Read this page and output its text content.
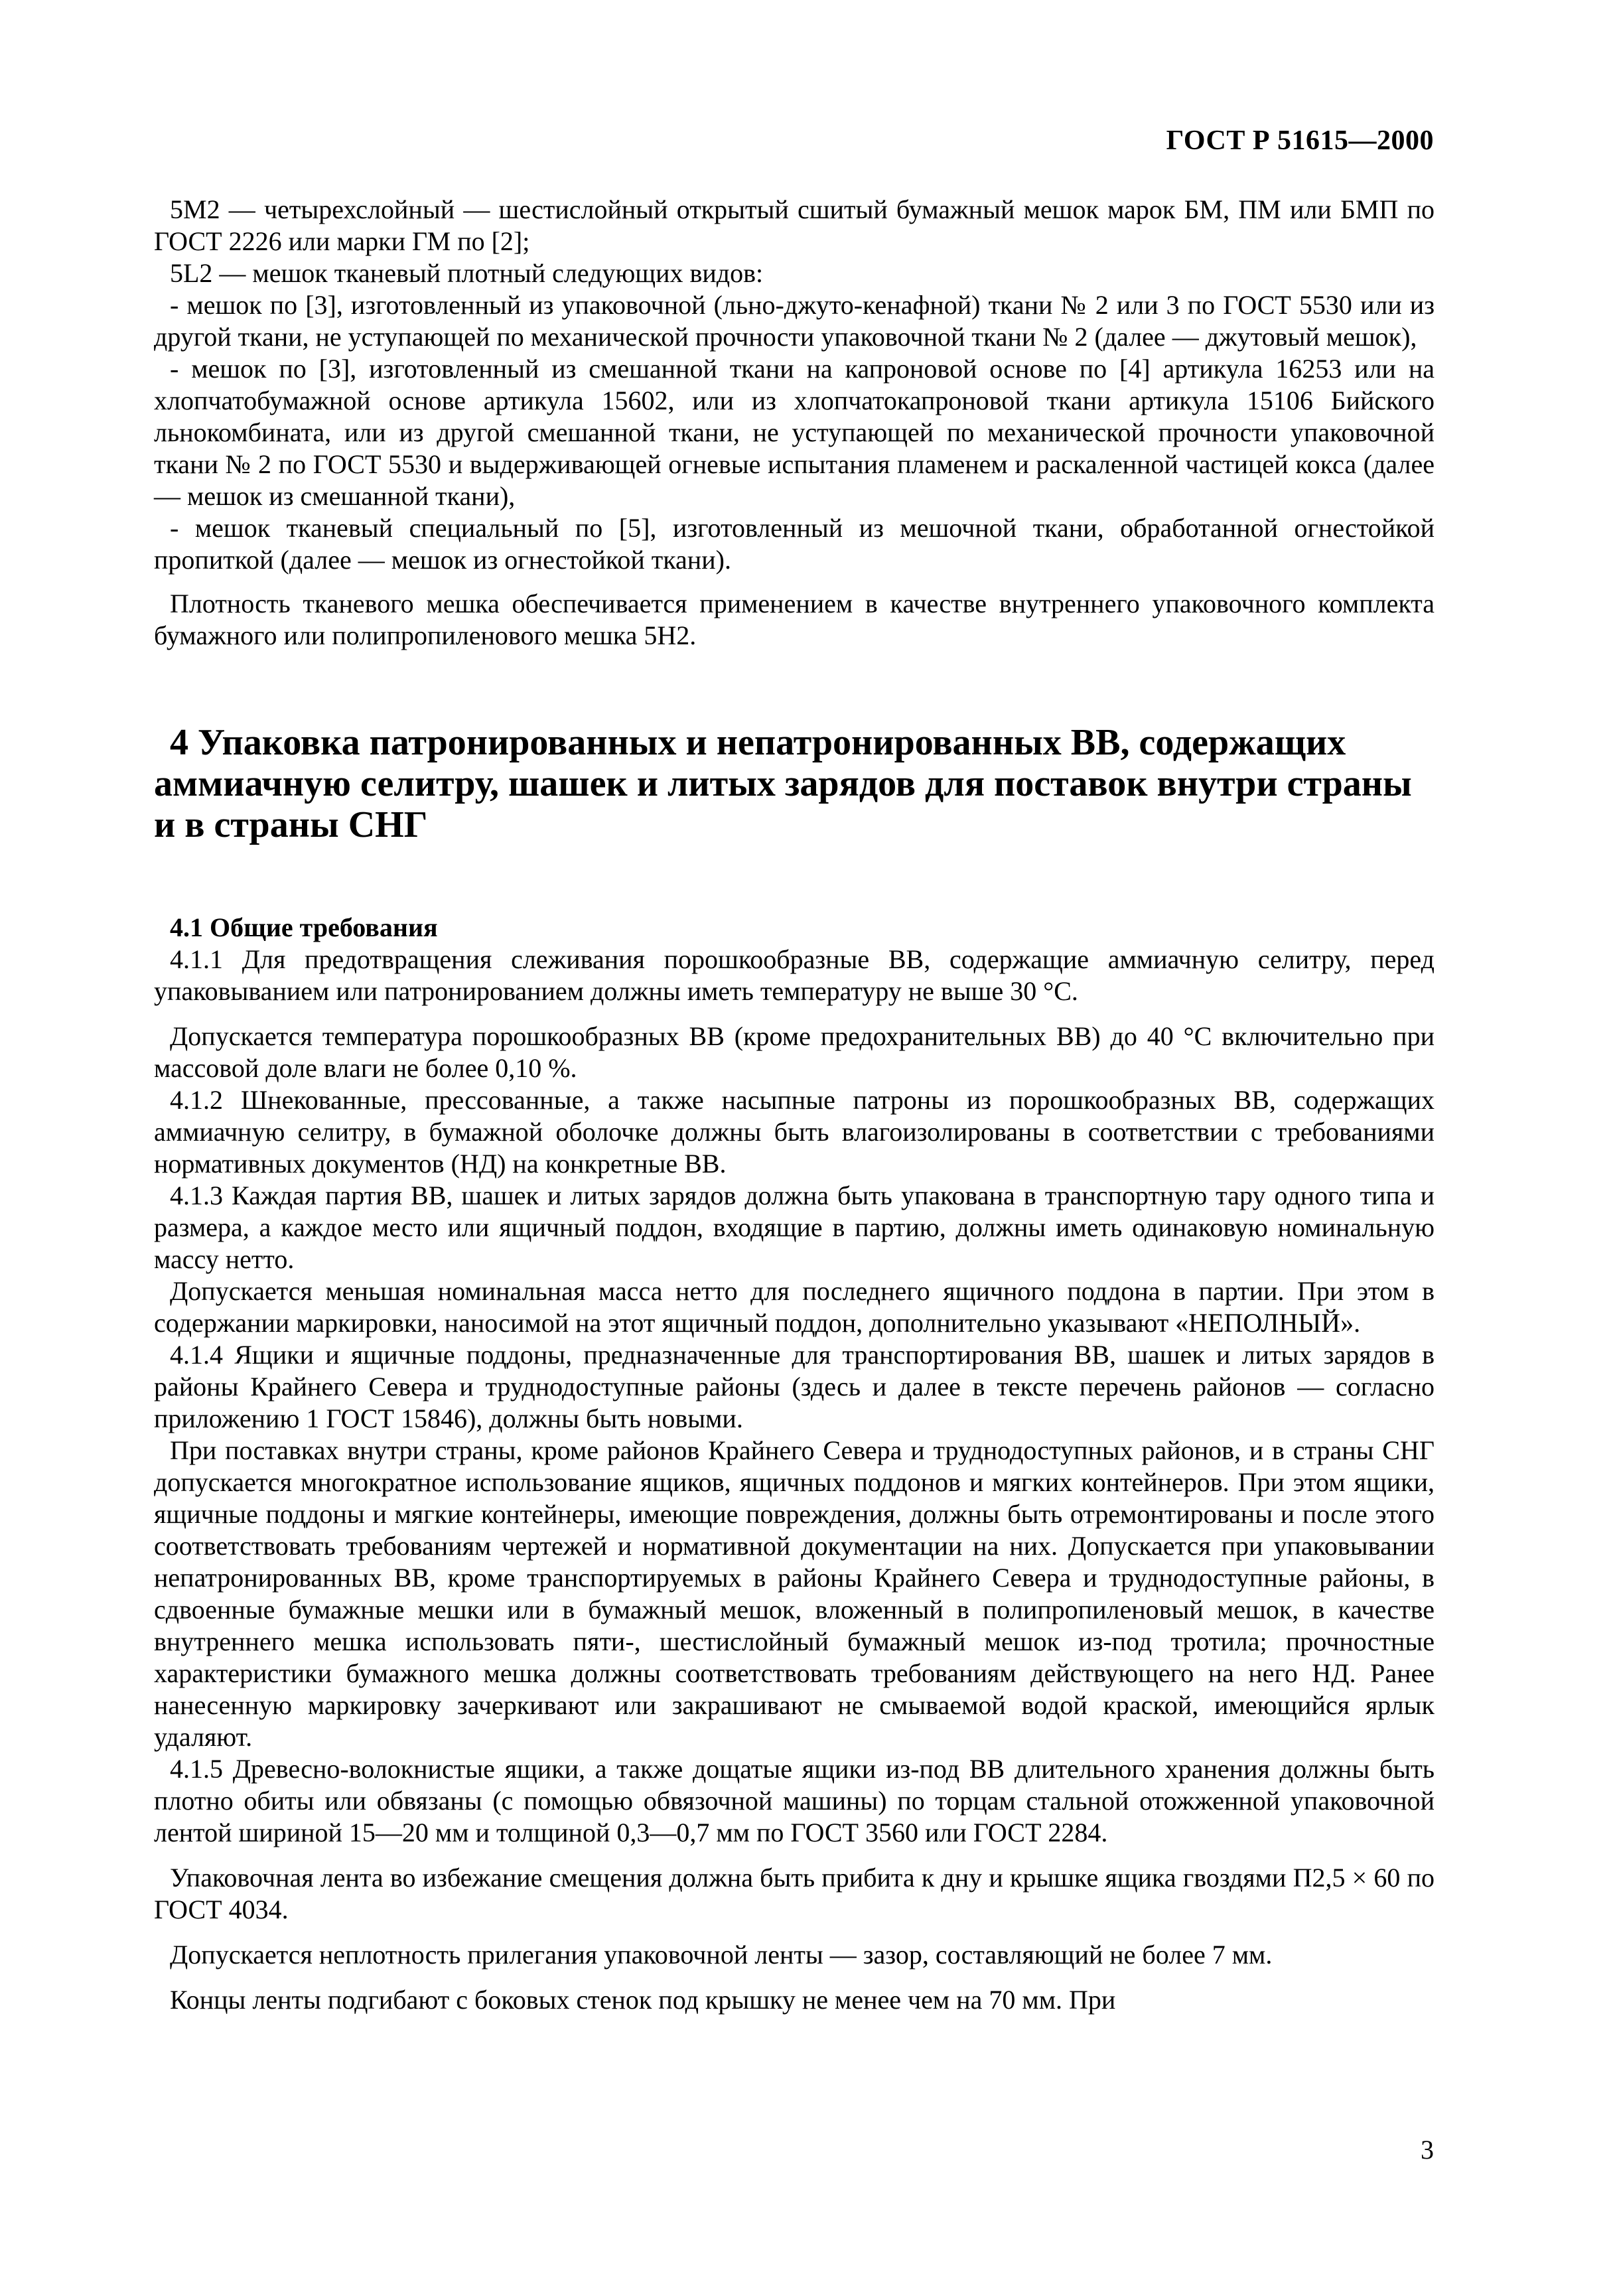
ГОСТ Р 51615—2000

5М2 — четырехслойный — шестислойный открытый сшитый бумажный мешок марок БМ, ПМ или БМП по ГОСТ 2226 или марки ГМ по [2];

5L2 — мешок тканевый плотный следующих видов:

- мешок по [3], изготовленный из упаковочной (льно-джуто-кенафной) ткани № 2 или 3 по ГОСТ 5530 или из другой ткани, не уступающей по механической прочности упаковочной ткани № 2 (далее — джутовый мешок),

- мешок по [3], изготовленный из смешанной ткани на капроновой основе по [4] артикула 16253 или на хлопчатобумажной основе артикула 15602, или из хлопчатокапроновой ткани артикула 15106 Бийского льнокомбината, или из другой смешанной ткани, не уступающей по механической прочности упаковочной ткани № 2 по ГОСТ 5530 и выдерживающей огневые испытания пламенем и раскаленной частицей кокса (далее — мешок из смешанной ткани),

- мешок тканевый специальный по [5], изготовленный из мешочной ткани, обработанной огнестойкой пропиткой (далее — мешок из огнестойкой ткани).

Плотность тканевого мешка обеспечивается применением в качестве внутреннего упаковочного комплекта бумажного или полипропиленового мешка 5Н2.

4 Упаковка патронированных и непатронированных ВВ, содержащих аммиачную селитру, шашек и литых зарядов для поставок внутри страны и в страны СНГ
4.1 Общие требования

4.1.1 Для предотвращения слеживания порошкообразные ВВ, содержащие аммиачную селитру, перед упаковыванием или патронированием должны иметь температуру не выше 30 °С.

Допускается температура порошкообразных ВВ (кроме предохранительных ВВ) до 40 °С включительно при массовой доле влаги не более 0,10 %.

4.1.2 Шнекованные, прессованные, а также насыпные патроны из порошкообразных ВВ, содержащих аммиачную селитру, в бумажной оболочке должны быть влагоизолированы в соответствии с требованиями нормативных документов (НД) на конкретные ВВ.

4.1.3 Каждая партия ВВ, шашек и литых зарядов должна быть упакована в транспортную тару одного типа и размера, а каждое место или ящичный поддон, входящие в партию, должны иметь одинаковую номинальную массу нетто.

Допускается меньшая номинальная масса нетто для последнего ящичного поддона в партии. При этом в содержании маркировки, наносимой на этот ящичный поддон, дополнительно указывают «НЕПОЛНЫЙ».

4.1.4 Ящики и ящичные поддоны, предназначенные для транспортирования ВВ, шашек и литых зарядов в районы Крайнего Севера и труднодоступные районы (здесь и далее в тексте перечень районов — согласно приложению 1 ГОСТ 15846), должны быть новыми.

При поставках внутри страны, кроме районов Крайнего Севера и труднодоступных районов, и в страны СНГ допускается многократное использование ящиков, ящичных поддонов и мягких контейнеров. При этом ящики, ящичные поддоны и мягкие контейнеры, имеющие повреждения, должны быть отремонтированы и после этого соответствовать требованиям чертежей и нормативной документации на них. Допускается при упаковывании непатронированных ВВ, кроме транспортируемых в районы Крайнего Севера и труднодоступные районы, в сдвоенные бумажные мешки или в бумажный мешок, вложенный в полипропиленовый мешок, в качестве внутреннего мешка использовать пяти-, шестислойный бумажный мешок из-под тротила; прочностные характеристики бумажного мешка должны соответствовать требованиям действующего на него НД. Ранее нанесенную маркировку зачеркивают или закрашивают не смываемой водой краской, имеющийся ярлык удаляют.

4.1.5 Древесно-волокнистые ящики, а также дощатые ящики из-под ВВ длительного хранения должны быть плотно обиты или обвязаны (с помощью обвязочной машины) по торцам стальной отожженной упаковочной лентой шириной 15—20 мм и толщиной 0,3—0,7 мм по ГОСТ 3560 или ГОСТ 2284.

Упаковочная лента во избежание смещения должна быть прибита к дну и крышке ящика гвоздями П2,5 × 60 по ГОСТ 4034.

Допускается неплотность прилегания упаковочной ленты — зазор, составляющий не более 7 мм.

Концы ленты подгибают с боковых стенок под крышку не менее чем на 70 мм. При

3
